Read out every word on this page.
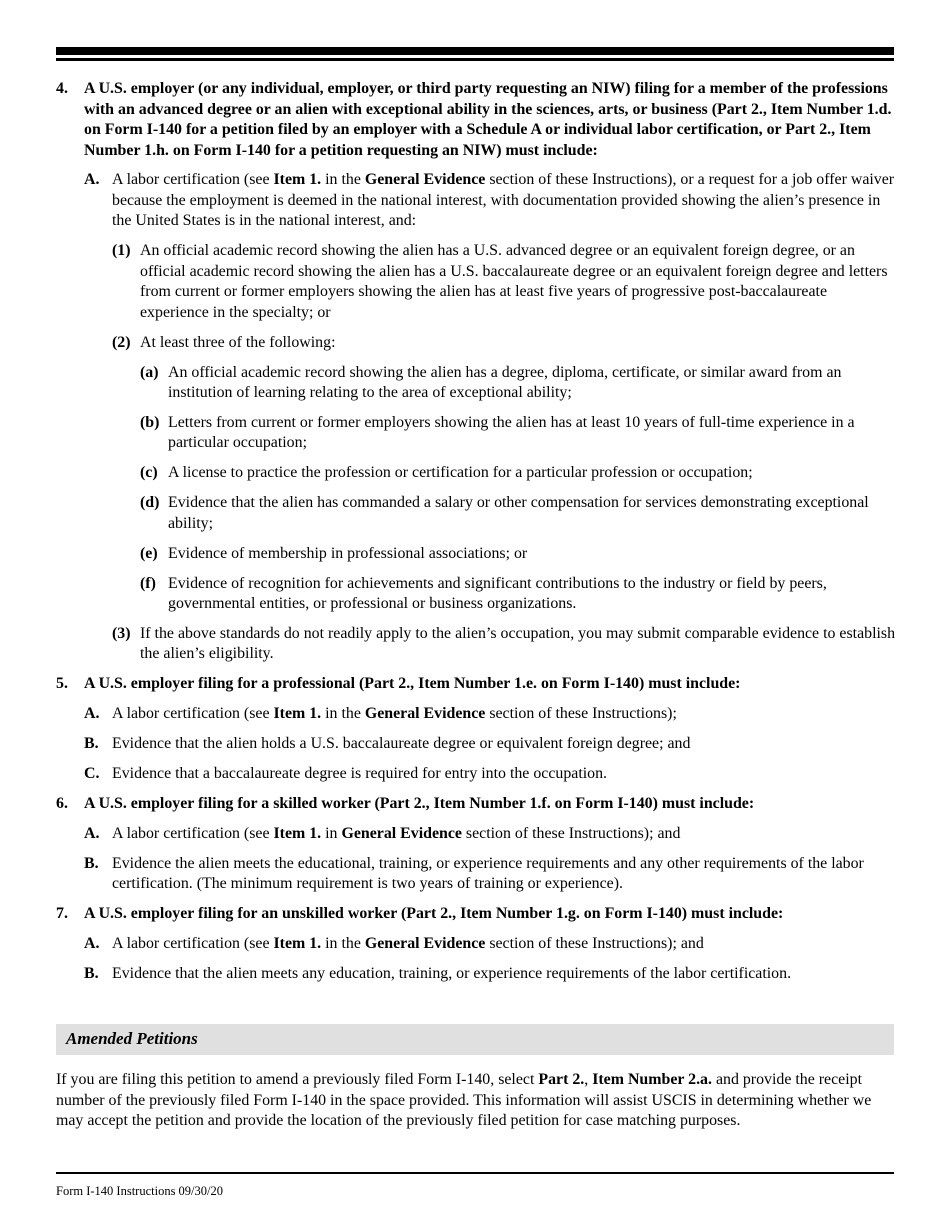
4.	A U.S. employer (or any individual, employer, or third party requesting an NIW) filing for a member of the professions with an advanced degree or an alien with exceptional ability in the sciences, arts, or business (Part 2., Item Number 1.d. on Form I-140 for a petition filed by an employer with a Schedule A or individual labor certification, or Part 2., Item Number 1.h. on Form I-140 for a petition requesting an NIW) must include:
A. A labor certification (see Item 1. in the General Evidence section of these Instructions), or a request for a job offer waiver because the employment is deemed in the national interest, with documentation provided showing the alien’s presence in the United States is in the national interest, and:
(1) An official academic record showing the alien has a U.S. advanced degree or an equivalent foreign degree, or an official academic record showing the alien has a U.S. baccalaureate degree or an equivalent foreign degree and letters from current or former employers showing the alien has at least five years of progressive post-baccalaureate experience in the specialty; or
(2) At least three of the following:
(a) An official academic record showing the alien has a degree, diploma, certificate, or similar award from an institution of learning relating to the area of exceptional ability;
(b) Letters from current or former employers showing the alien has at least 10 years of full-time experience in a particular occupation;
(c) A license to practice the profession or certification for a particular profession or occupation;
(d) Evidence that the alien has commanded a salary or other compensation for services demonstrating exceptional ability;
(e) Evidence of membership in professional associations; or
(f) Evidence of recognition for achievements and significant contributions to the industry or field by peers, governmental entities, or professional or business organizations.
(3) If the above standards do not readily apply to the alien’s occupation, you may submit comparable evidence to establish the alien’s eligibility.
5.	A U.S. employer filing for a professional (Part 2., Item Number 1.e. on Form I-140) must include:
A. A labor certification (see Item 1. in the General Evidence section of these Instructions);
B. Evidence that the alien holds a U.S. baccalaureate degree or equivalent foreign degree; and
C. Evidence that a baccalaureate degree is required for entry into the occupation.
6.	A U.S. employer filing for a skilled worker (Part 2., Item Number 1.f. on Form I-140) must include:
A. A labor certification (see Item 1. in General Evidence section of these Instructions); and
B. Evidence the alien meets the educational, training, or experience requirements and any other requirements of the labor certification. (The minimum requirement is two years of training or experience).
7.	A U.S. employer filing for an unskilled worker (Part 2., Item Number 1.g. on Form I-140) must include:
A. A labor certification (see Item 1. in the General Evidence section of these Instructions); and
B. Evidence that the alien meets any education, training, or experience requirements of the labor certification.
Amended Petitions
If you are filing this petition to amend a previously filed Form I-140, select Part 2., Item Number 2.a. and provide the receipt number of the previously filed Form I-140 in the space provided. This information will assist USCIS in determining whether we may accept the petition and provide the location of the previously filed petition for case matching purposes.
Form I-140 Instructions 09/30/20
